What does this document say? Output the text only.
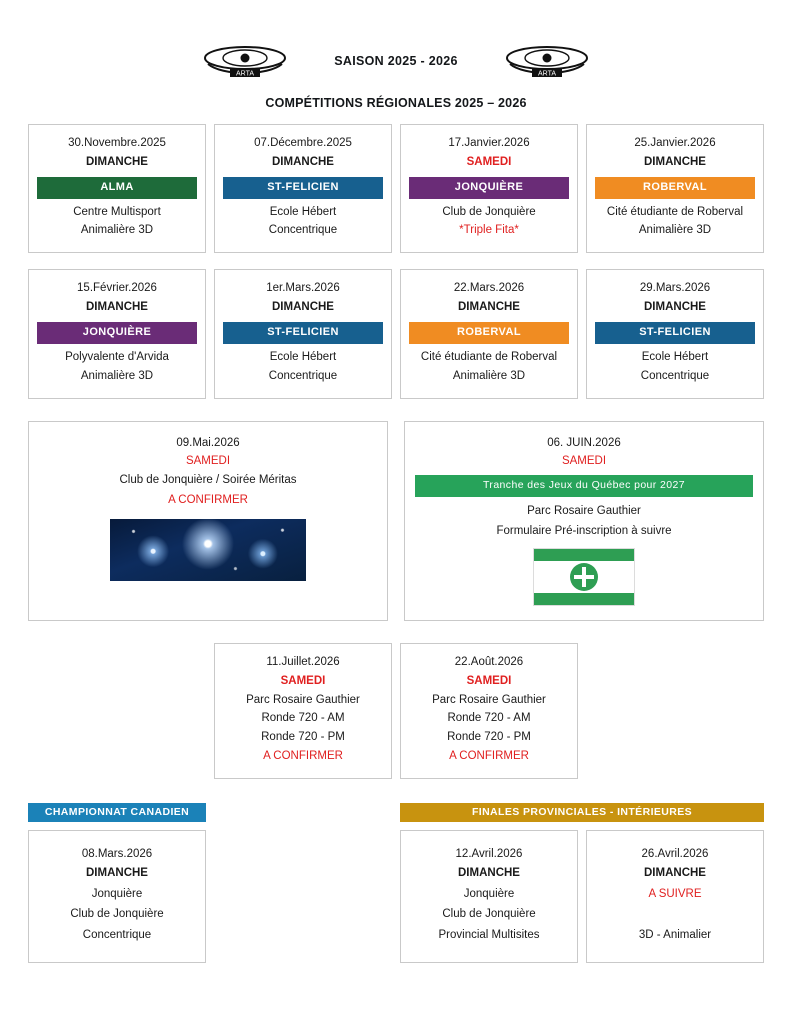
ARTA
SAISON 2025 - 2026
ARTA
COMPÉTITIONS RÉGIONALES 2025 – 2026
30.Novembre.2025
DIMANCHE
ALMA
Centre Multisport
Animalière 3D
07.Décembre.2025
DIMANCHE
ST-FELICIEN
Ecole Hébert
Concentrique
17.Janvier.2026
SAMEDI
JONQUIÈRE
Club de Jonquière
*Triple Fita*
25.Janvier.2026
DIMANCHE
ROBERVAL
Cité étudiante de Roberval
Animalière 3D
15.Février.2026
DIMANCHE
JONQUIÈRE
Polyvalente d'Arvida
Animalière 3D
1er.Mars.2026
DIMANCHE
ST-FELICIEN
Ecole Hébert
Concentrique
22.Mars.2026
DIMANCHE
ROBERVAL
Cité étudiante de Roberval
Animalière 3D
29.Mars.2026
DIMANCHE
ST-FELICIEN
Ecole Hébert
Concentrique
09.Mai.2026
SAMEDI
Club de Jonquière / Soirée Méritas
A CONFIRMER
06. JUIN.2026
SAMEDI
Tranche des Jeux du Québec pour 2027
Parc Rosaire Gauthier
Formulaire Pré-inscription à suivre
11.Juillet.2026
SAMEDI
Parc Rosaire Gauthier
Ronde 720 - AM
Ronde 720 - PM
A CONFIRMER
22.Août.2026
SAMEDI
Parc Rosaire Gauthier
Ronde 720 - AM
Ronde 720 - PM
A CONFIRMER
CHAMPIONNAT CANADIEN
08.Mars.2026
DIMANCHE
Jonquière
Club de Jonquière
Concentrique
FINALES PROVINCIALES - INTÉRIEURES
12.Avril.2026
DIMANCHE
Jonquière
Club de Jonquière
Provincial Multisites
26.Avril.2026
DIMANCHE
A SUIVRE

3D - Animalier
